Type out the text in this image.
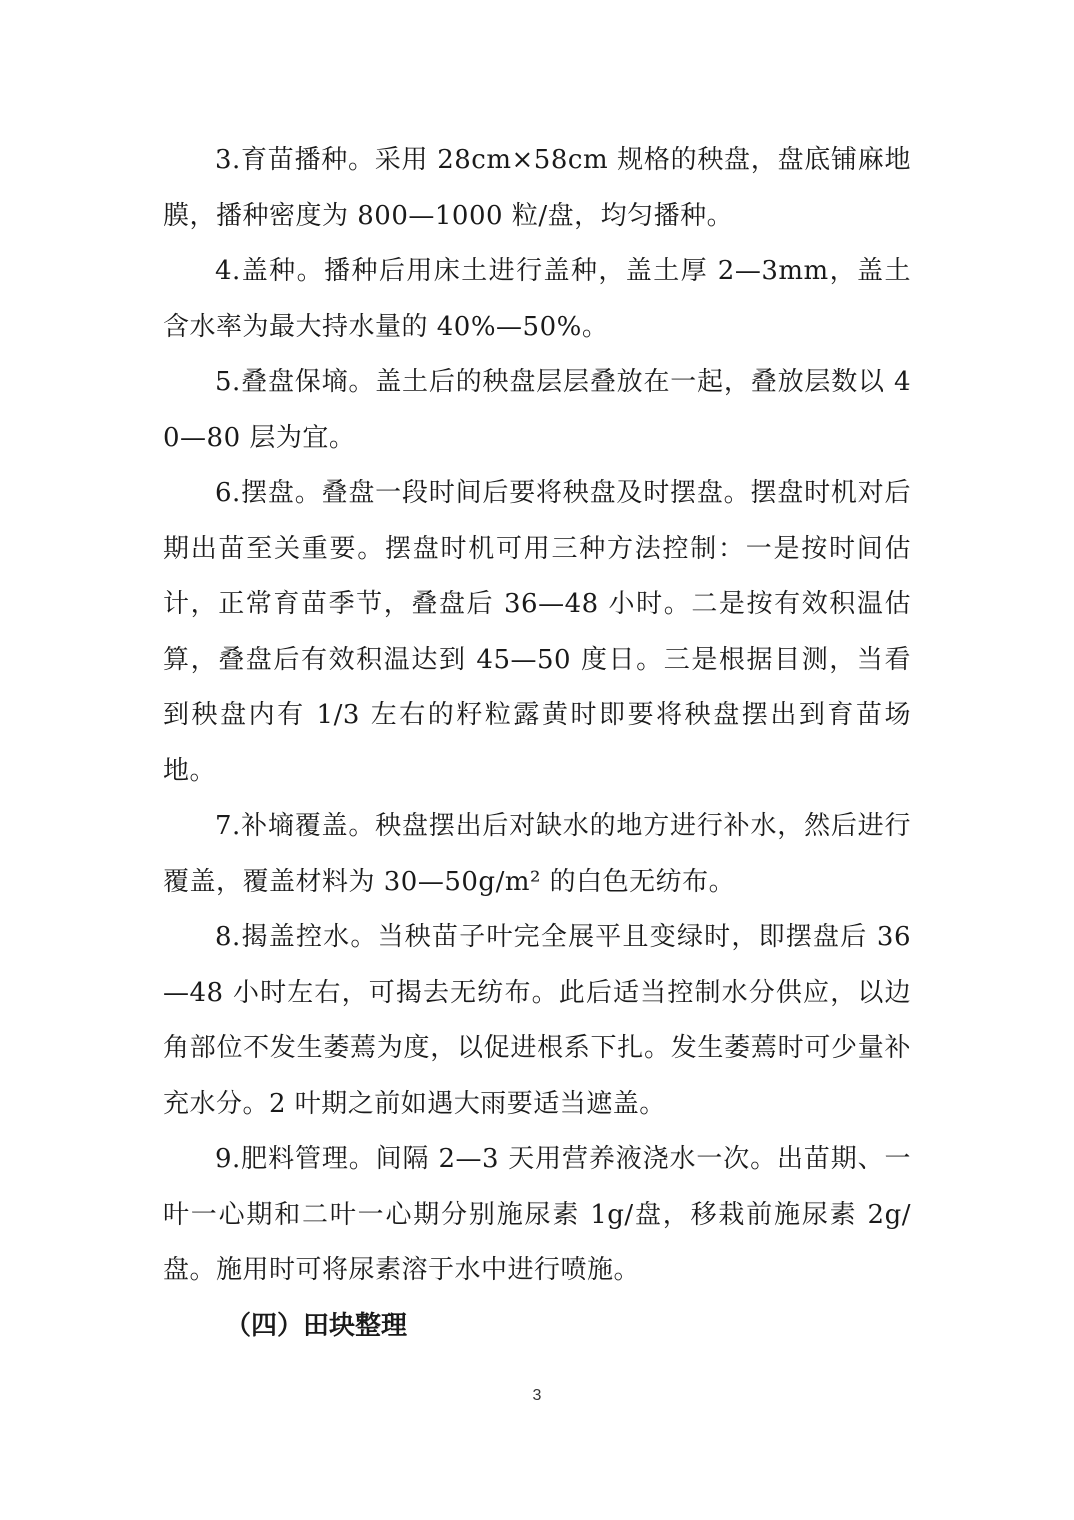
3.育苗播种。采用 28cm×58cm 规格的秧盘，盘底铺麻地膜，播种密度为 800—1000 粒/盘，均匀播种。

4.盖种。播种后用床土进行盖种，盖土厚 2—3mm，盖土含水率为最大持水量的 40%—50%。

5.叠盘保墒。盖土后的秧盘层层叠放在一起，叠放层数以 40—80 层为宜。

6.摆盘。叠盘一段时间后要将秧盘及时摆盘。摆盘时机对后期出苗至关重要。摆盘时机可用三种方法控制：一是按时间估计，正常育苗季节，叠盘后 36—48 小时。二是按有效积温估算，叠盘后有效积温达到 45—50 度日。三是根据目测，当看到秧盘内有 1/3 左右的籽粒露黄时即要将秧盘摆出到育苗场地。

7.补墒覆盖。秧盘摆出后对缺水的地方进行补水，然后进行覆盖，覆盖材料为 30—50g/m² 的白色无纺布。

8.揭盖控水。当秧苗子叶完全展平且变绿时，即摆盘后 36—48 小时左右，可揭去无纺布。此后适当控制水分供应，以边角部位不发生萎蔫为度，以促进根系下扎。发生萎蔫时可少量补充水分。2 叶期之前如遇大雨要适当遮盖。

9.肥料管理。间隔 2—3 天用营养液浇水一次。出苗期、一叶一心期和二叶一心期分别施尿素 1g/盘，移栽前施尿素 2g/盘。施用时可将尿素溶于水中进行喷施。

（四）田块整理

3
